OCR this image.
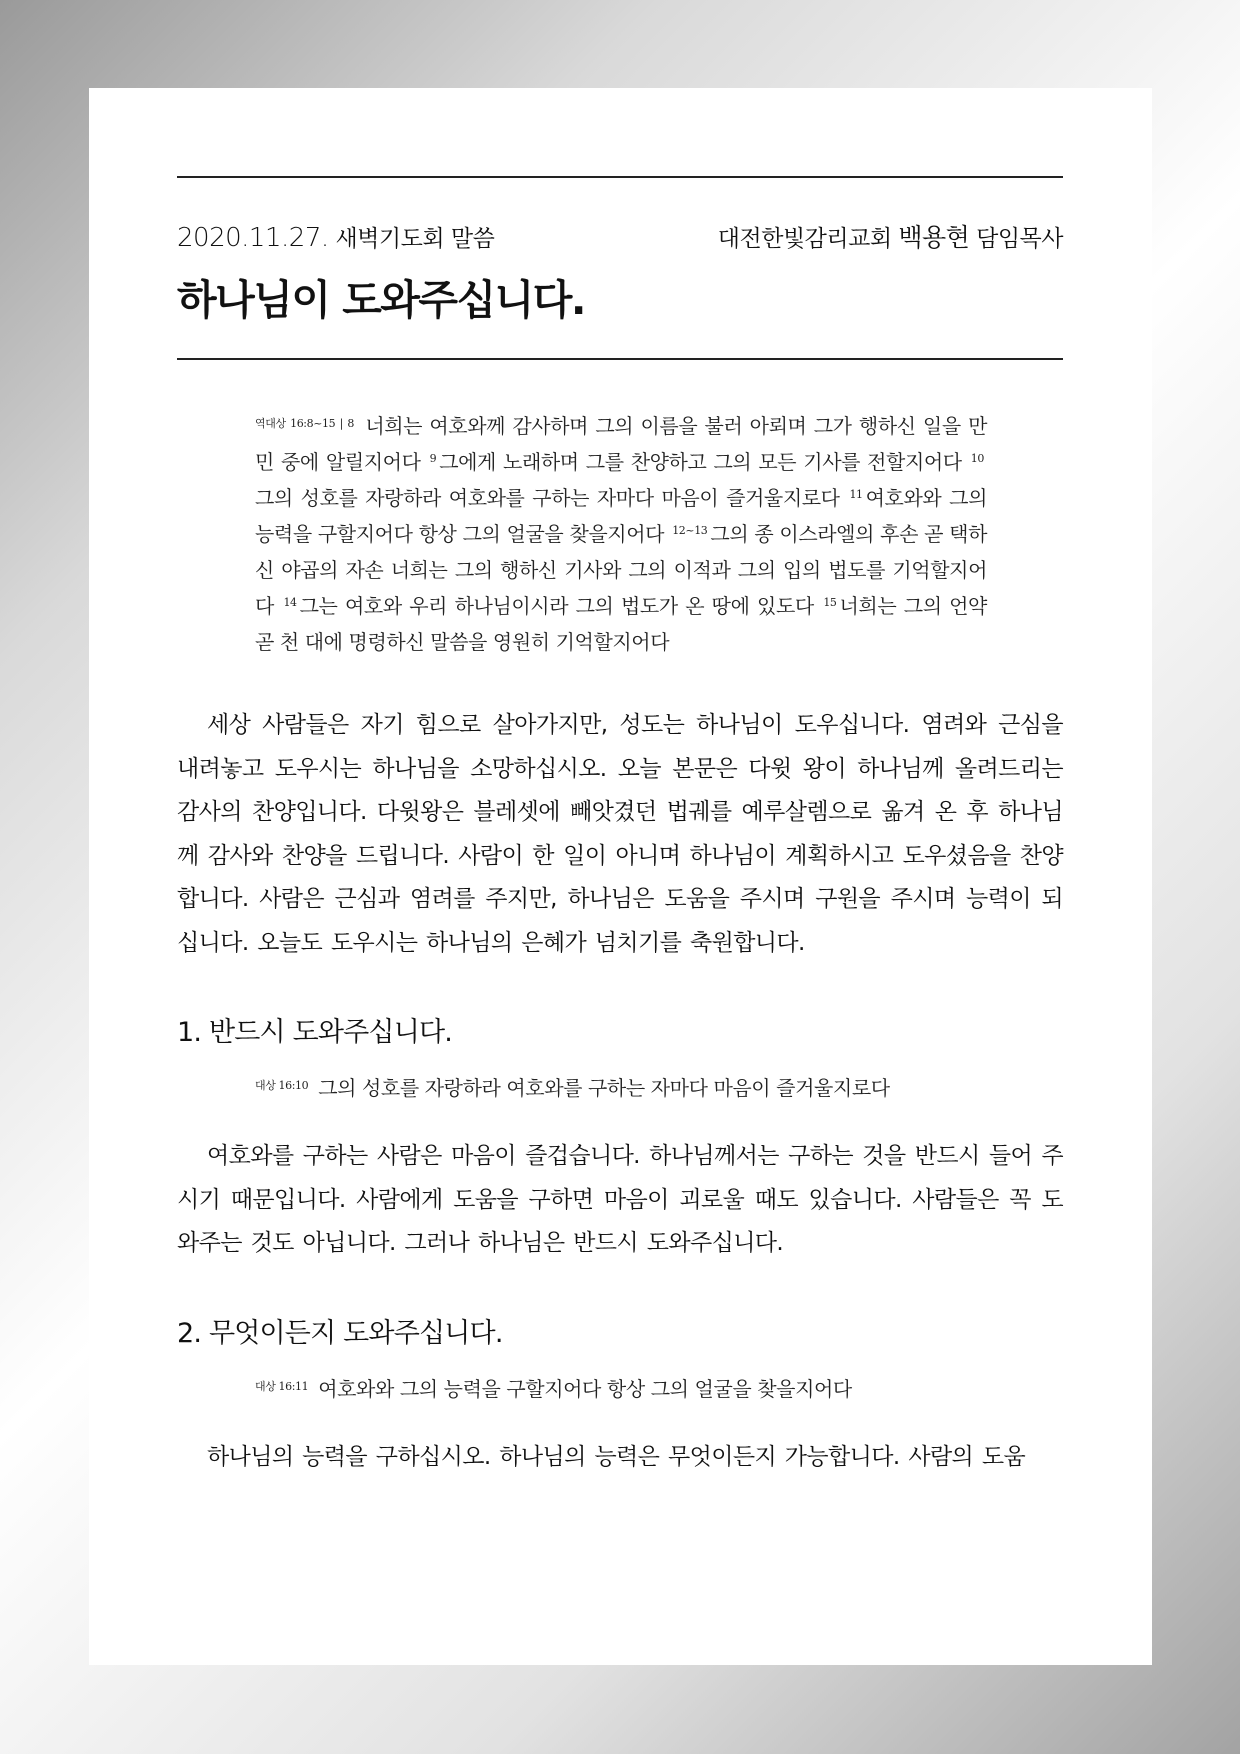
2020.11.27. 새벽기도회 말씀	대전한빛감리교회 백용현 담임목사
하나님이 도와주십니다.
$^{역대상 16:8\sim 15 | 8}$ 너희는 여호와께 감사하며 그의 이름을 불러 아뢰며 그가 행하신 일을 만민 중에 알릴지어다 $^9$ 그에게 노래하며 그를 찬양하고 그의 모든 기사를 전할지어다 $^{10}$그의 성호를 자랑하라 여호와를 구하는 자마다 마음이 즐거울지로다 $^{11}$ 여호와와 그의 능력을 구할지어다 항상 그의 얼굴을 찾을지어다 $^{12\sim 13}$ 그의 종 이스라엘의 후손 곧 택하신 야곱의 자손 너희는 그의 행하신 기사와 그의 이적과 그의 입의 법도를 기억할지어다 $^{14}$ 그는 여호와 우리 하나님이시라 그의 법도가 온 땅에 있도다 $^{15}$ 너희는 그의 언약 곧 천 대에 명령하신 말씀을 영원히 기억할지어다

세상 사람들은 자기 힘으로 살아가지만, 성도는 하나님이 도우십니다. 염려와 근심을 내려놓고 도우시는 하나님을 소망하십시오. 오늘 본문은 다윗 왕이 하나님께 올려드리는 감사의 찬양입니다. 다윗왕은 블레셋에 빼앗겼던 법궤를 예루살렘으로 옮겨 온 후 하나님께 감사와 찬양을 드립니다. 사람이 한 일이 아니며 하나님이 계획하시고 도우셨음을 찬양합니다. 사람은 근심과 염려를 주지만, 하나님은 도움을 주시며 구원을 주시며 능력이 되십니다. 오늘도 도우시는 하나님의 은혜가 넘치기를 축원합니다.

1. 반드시 도와주십니다.
$^{대상 16:10}$ 그의 성호를 자랑하라 여호와를 구하는 자마다 마음이 즐거울지로다

여호와를 구하는 사람은 마음이 즐겁습니다. 하나님께서는 구하는 것을 반드시 들어 주시기 때문입니다. 사람에게 도움을 구하면 마음이 괴로울 때도 있습니다. 사람들은 꼭 도와주는 것도 아닙니다. 그러나 하나님은 반드시 도와주십니다.

2. 무엇이든지 도와주십니다.
$^{대상 16:11}$ 여호와와 그의 능력을 구할지어다 항상 그의 얼굴을 찾을지어다

하나님의 능력을 구하십시오. 하나님의 능력은 무엇이든지 가능합니다. 사람의 도움
